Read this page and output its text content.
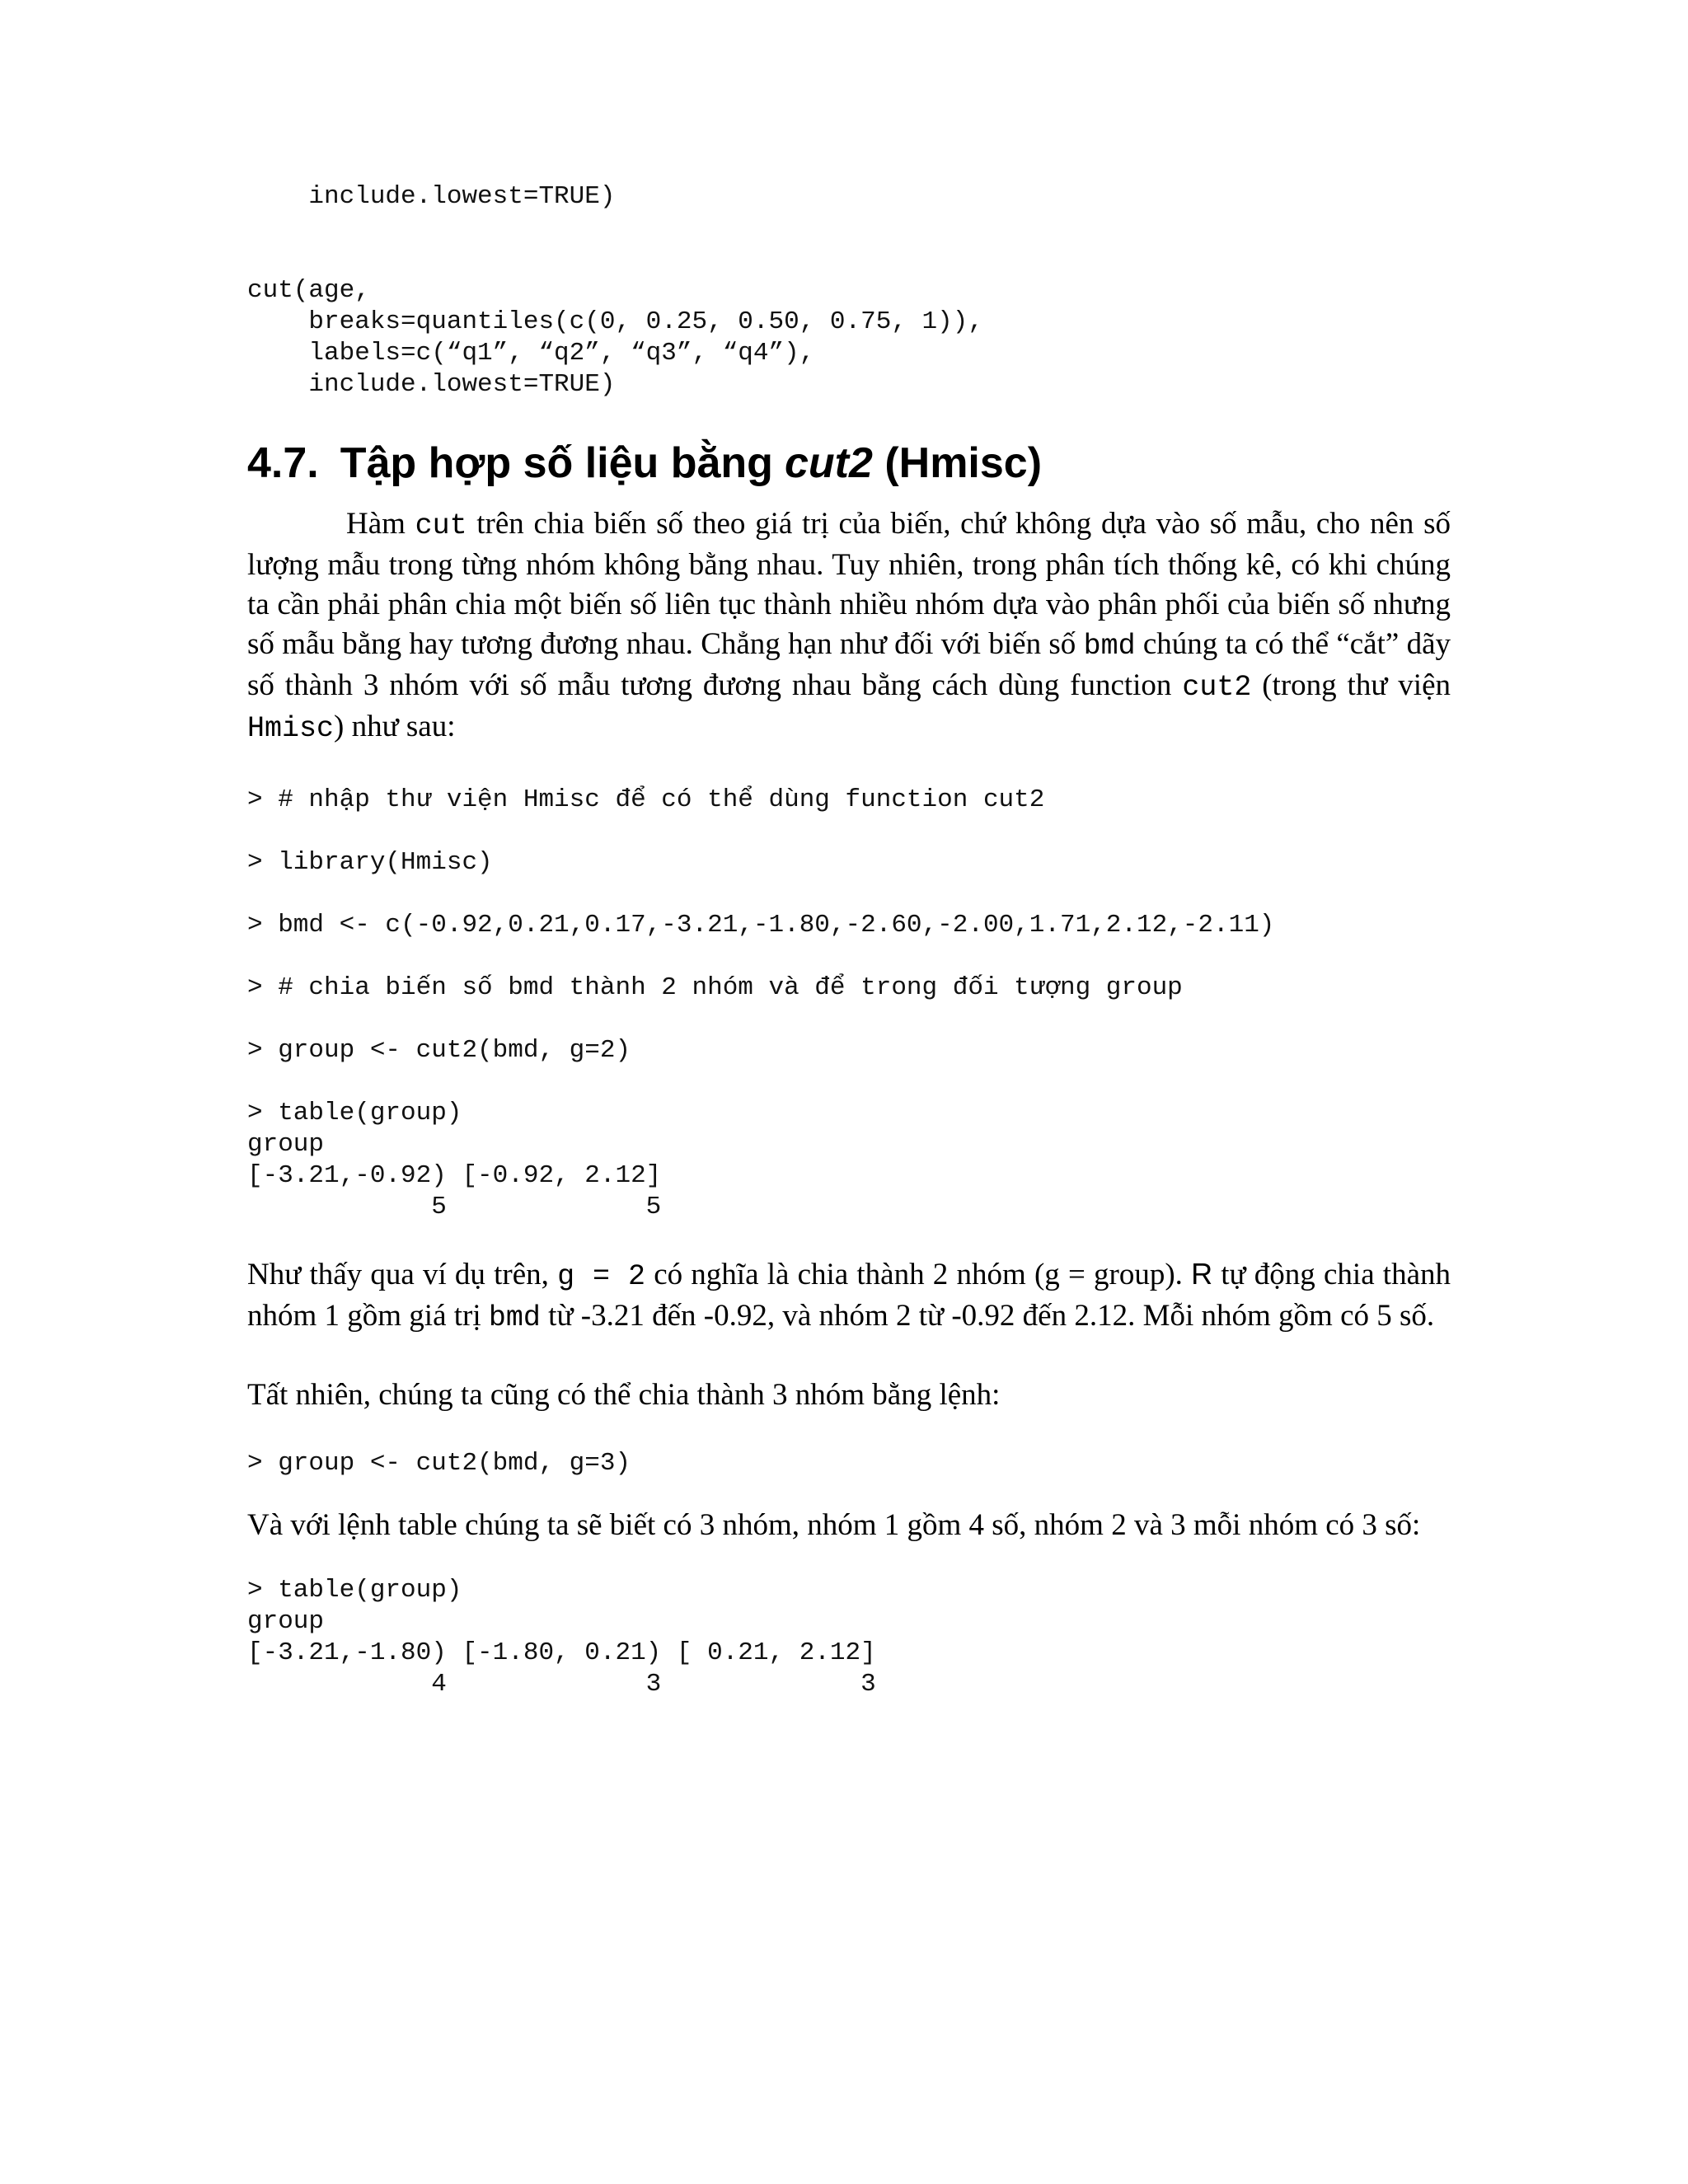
include.lowest=TRUE)
cut(age,
breaks=quantiles(c(0, 0.25, 0.50, 0.75, 1)),
labels=c(“q1”, “q2”, “q3”, “q4”),
include.lowest=TRUE)
4.7. Tập hợp số liệu bằng cut2 (Hmisc)

Hàm cut trên chia biến số theo giá trị của biến, chứ không dựa vào số mẫu, cho nên số lượng mẫu trong từng nhóm không bằng nhau. Tuy nhiên, trong phân tích thống kê, có khi chúng ta cần phải phân chia một biến số liên tục thành nhiều nhóm dựa vào phân phối của biến số nhưng số mẫu bằng hay tương đương nhau. Chẳng hạn như đối với biến số bmd chúng ta có thể “cắt” dãy số thành 3 nhóm với số mẫu tương đương nhau bằng cách dùng function cut2 (trong thư viện Hmisc) như sau:

> # nhập thư viện Hmisc để có thể dùng function cut2
> library(Hmisc)
> bmd <- c(-0.92,0.21,0.17,-3.21,-1.80,-2.60,-2.00,1.71,2.12,-2.11)
> # chia biến số bmd thành 2 nhóm và để trong đối tượng group
> group <- cut2(bmd, g=2)
> table(group)
group
[-3.21,-0.92) [-0.92, 2.12]
5             5

Như thấy qua ví dụ trên, g = 2 có nghĩa là chia thành 2 nhóm (g = group). R tự động chia thành nhóm 1 gồm giá trị bmd từ -3.21 đến -0.92, và nhóm 2 từ -0.92 đến 2.12. Mỗi nhóm gồm có 5 số.

Tất nhiên, chúng ta cũng có thể chia thành 3 nhóm bằng lệnh:

> group <- cut2(bmd, g=3)

Và với lệnh table chúng ta sẽ biết có 3 nhóm, nhóm 1 gồm 4 số, nhóm 2 và 3 mỗi nhóm có 3 số:

> table(group)
group
[-3.21,-1.80) [-1.80, 0.21) [ 0.21, 2.12]
4             3             3
